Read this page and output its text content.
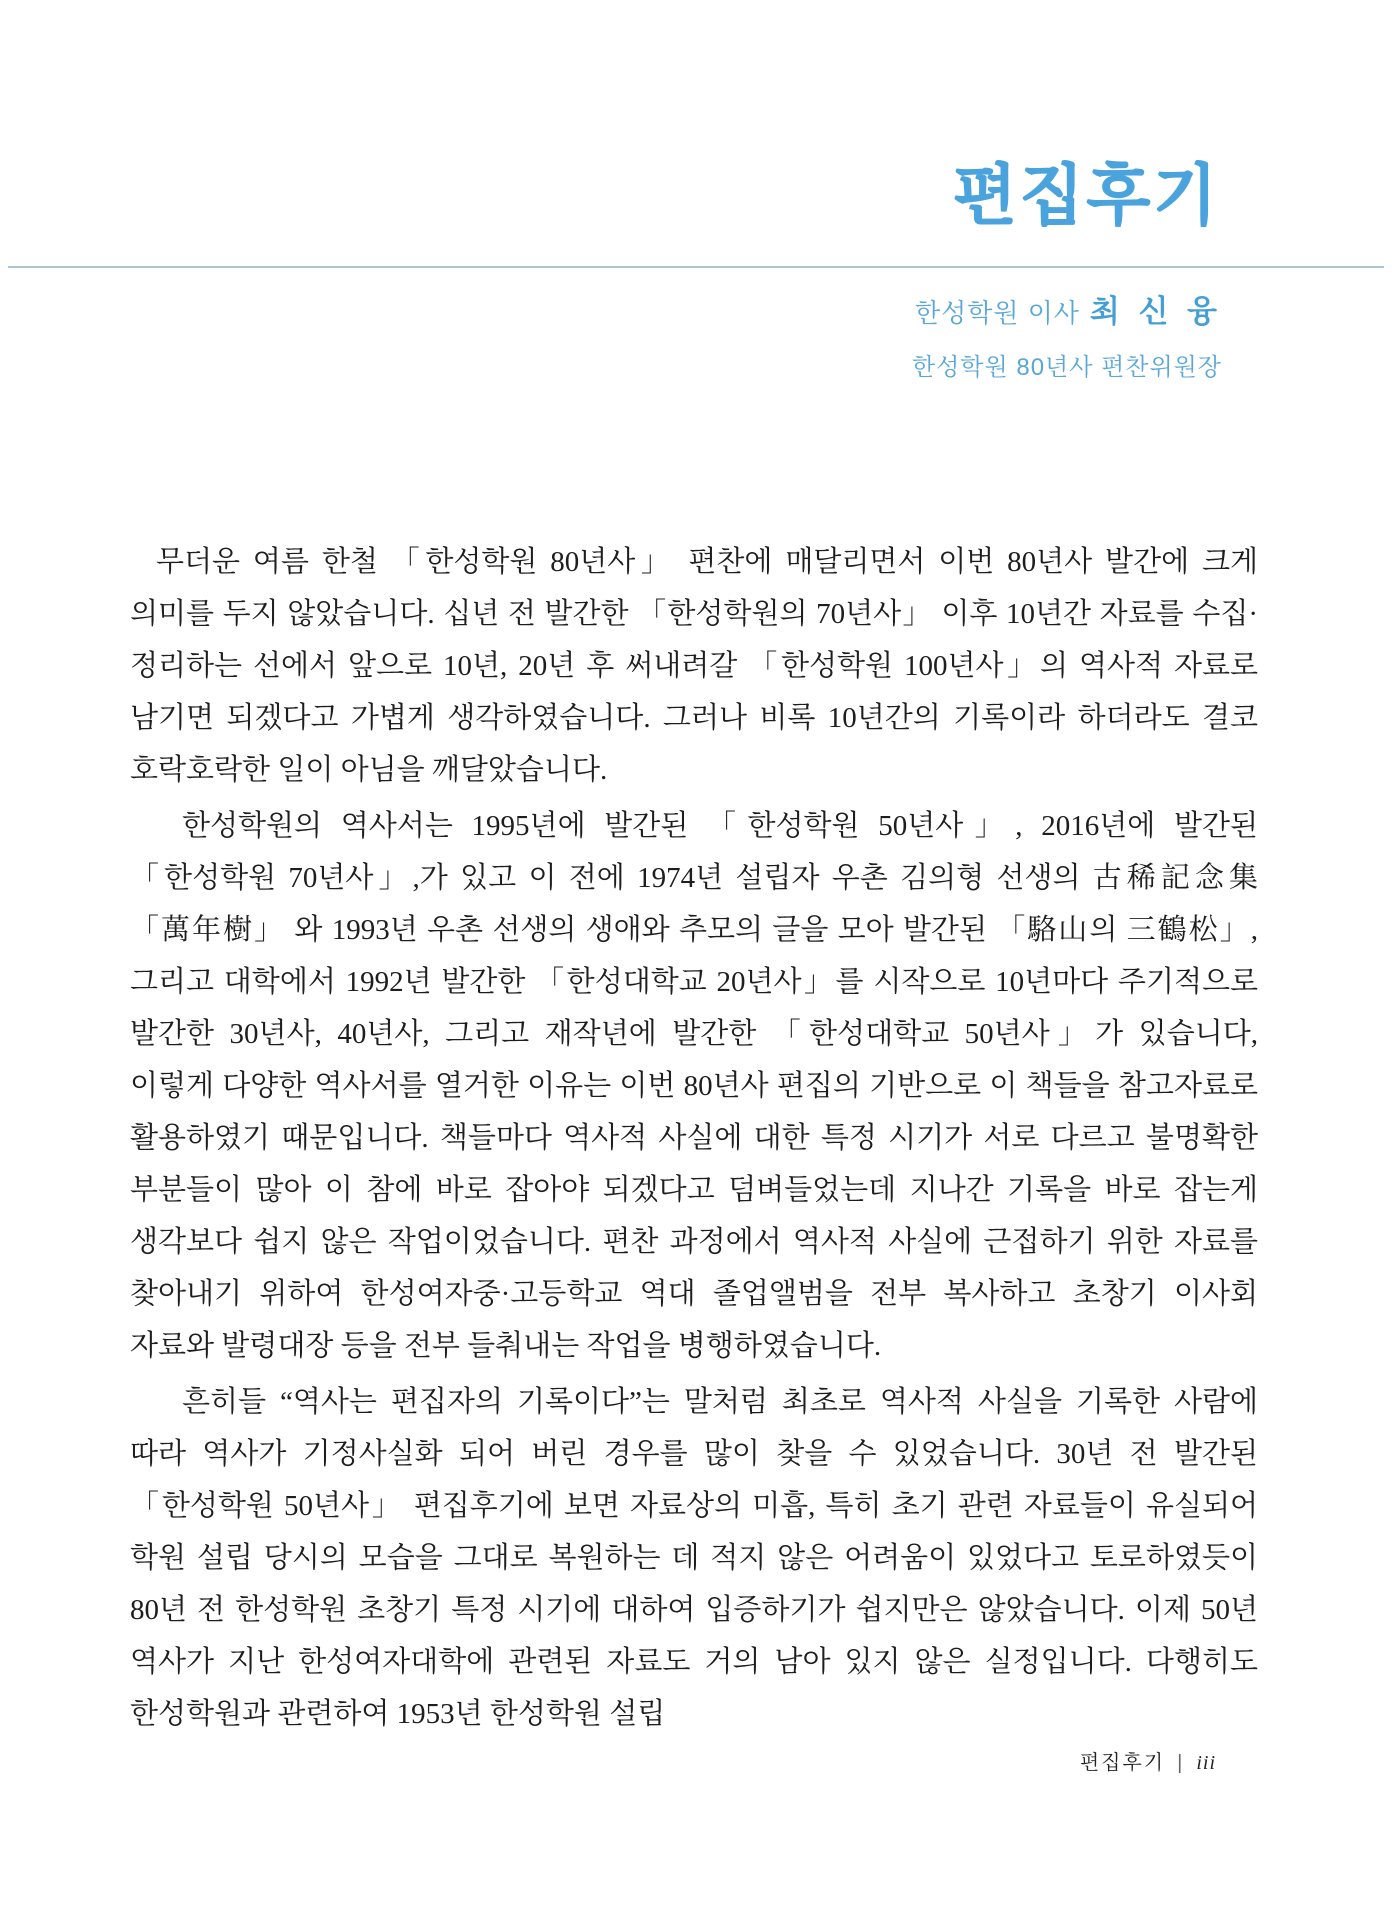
편집후기
한성학원 이사 최 신 융
한성학원 80년사 편찬위원장

무더운 여름 한철 「한성학원 80년사」 편찬에 매달리면서 이번 80년사 발간에 크게 의미를 두지 않았습니다. 십년 전 발간한 「한성학원의 70년사」 이후 10년간 자료를 수집· 정리하는 선에서 앞으로 10년, 20년 후 써내려갈 「한성학원 100년사」의 역사적 자료로 남기면 되겠다고 가볍게 생각하였습니다. 그러나 비록 10년간의 기록이라 하더라도 결코 호락호락한 일이 아님을 깨달았습니다.

한성학원의 역사서는 1995년에 발간된 「한성학원 50년사」, 2016년에 발간된 「한성학원 70년사」,가 있고 이 전에 1974년 설립자 우촌 김의형 선생의 古稀記念集 「萬年樹」 와 1993년 우촌 선생의 생애와 추모의 글을 모아 발간된 「駱山의 三鶴松」, 그리고 대학에서 1992년 발간한 「한성대학교 20년사」를 시작으로 10년마다 주기적으로 발간한 30년사, 40년사, 그리고 재작년에 발간한 「한성대학교 50년사」가 있습니다, 이렇게 다양한 역사서를 열거한 이유는 이번 80년사 편집의 기반으로 이 책들을 참고자료로 활용하였기 때문입니다. 책들마다 역사적 사실에 대한 특정 시기가 서로 다르고 불명확한 부분들이 많아 이 참에 바로 잡아야 되겠다고 덤벼들었는데 지나간 기록을 바로 잡는게 생각보다 쉽지 않은 작업이었습니다. 편찬 과정에서 역사적 사실에 근접하기 위한 자료를 찾아내기 위하여 한성여자중·고등학교 역대 졸업앨범을 전부 복사하고 초창기 이사회 자료와 발령대장 등을 전부 들춰내는 작업을 병행하였습니다.

흔히들 “역사는 편집자의 기록이다”는 말처럼 최초로 역사적 사실을 기록한 사람에 따라 역사가 기정사실화 되어 버린 경우를 많이 찾을 수 있었습니다. 30년 전 발간된 「한성학원 50년사」 편집후기에 보면 자료상의 미흡, 특히 초기 관련 자료들이 유실되어 학원 설립 당시의 모습을 그대로 복원하는 데 적지 않은 어려움이 있었다고 토로하였듯이 80년 전 한성학원 초창기 특정 시기에 대하여 입증하기가 쉽지만은 않았습니다. 이제 50년 역사가 지난 한성여자대학에 관련된 자료도 거의 남아 있지 않은 실정입니다. 다행히도 한성학원과 관련하여 1953년 한성학원 설립

편집후기 | iii
